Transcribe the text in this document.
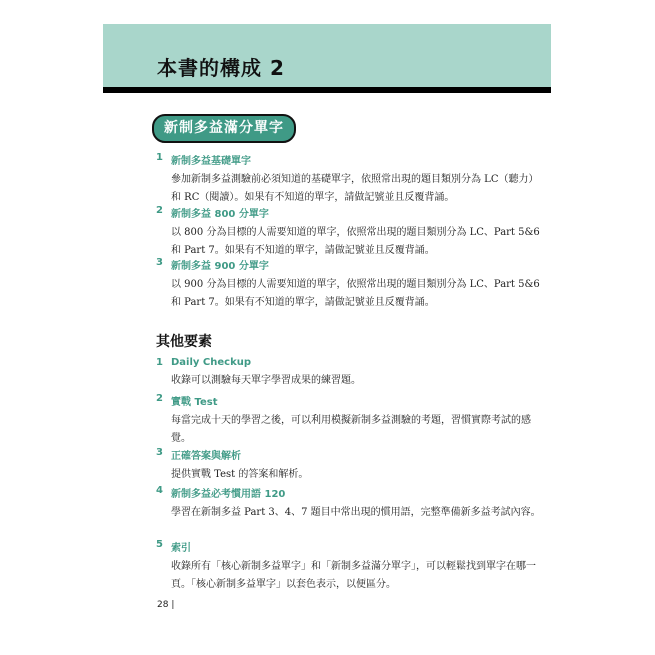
本書的構成 2
新制多益滿分單字
1 新制多益基礎單字
參加新制多益測驗前必須知道的基礎單字，依照常出現的題目類別分為 LC（聽力）和 RC（閱讀）。如果有不知道的單字，請做記號並且反覆背誦。
2 新制多益 800 分單字
以 800 分為目標的人需要知道的單字，依照常出現的題目類別分為 LC、Part 5&6 和 Part 7。如果有不知道的單字，請做記號並且反覆背誦。
3 新制多益 900 分單字
以 900 分為目標的人需要知道的單字，依照常出現的題目類別分為 LC、Part 5&6 和 Part 7。如果有不知道的單字，請做記號並且反覆背誦。
其他要素
1 Daily Checkup
收錄可以測驗每天單字學習成果的練習題。
2 實戰 Test
每當完成十天的學習之後，可以利用模擬新制多益測驗的考題，習慣實際考試的感覺。
3 正確答案與解析
提供實戰 Test 的答案和解析。
4 新制多益必考慣用語 120
學習在新制多益 Part 3、4、7 題目中常出現的慣用語，完整準備新多益考試內容。
5 索引
收錄所有「核心新制多益單字」和「新制多益滿分單字」，可以輕鬆找到單字在哪一頁。「核心新制多益單字」以套色表示，以便區分。
28 |
